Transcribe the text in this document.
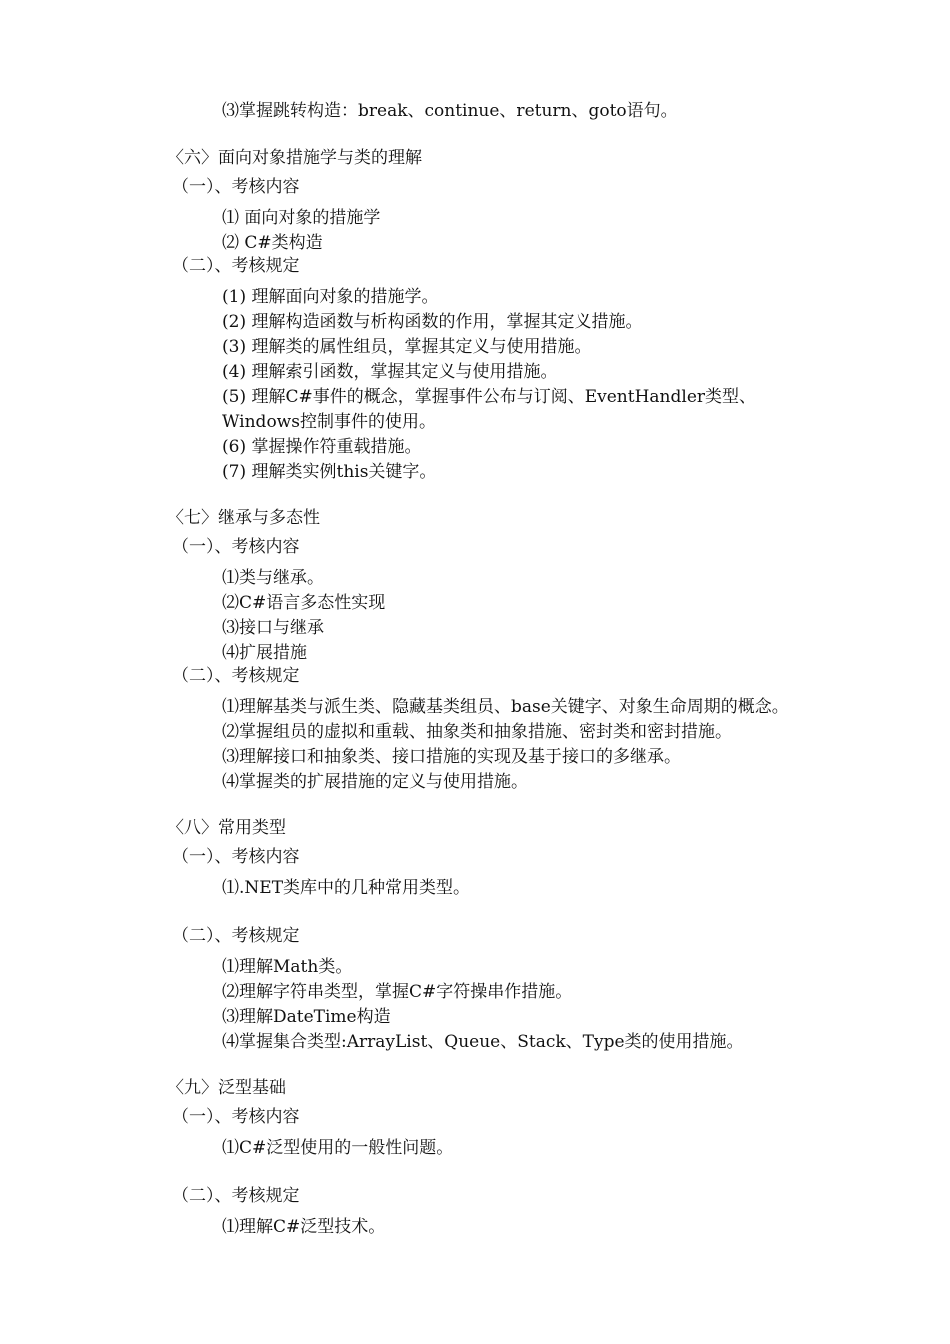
⑶掌握跳转构造：break、continue、return、goto语句。
〈六〉面向对象措施学与类的理解
（一）、考核内容
⑴ 面向对象的措施学
⑵ C#类构造
（二）、考核规定
(1) 理解面向对象的措施学。
(2) 理解构造函数与析构函数的作用，掌握其定义措施。
(3) 理解类的属性组员，掌握其定义与使用措施。
(4) 理解索引函数，掌握其定义与使用措施。
(5) 理解C#事件的概念，掌握事件公布与订阅、EventHandler类型、
Windows控制事件的使用。
(6) 掌握操作符重载措施。
(7) 理解类实例this关键字。
〈七〉继承与多态性
（一）、考核内容
⑴类与继承。
⑵C#语言多态性实现
⑶接口与继承
⑷扩展措施
（二）、考核规定
⑴理解基类与派生类、隐藏基类组员、base关键字、对象生命周期的概念。
⑵掌握组员的虚拟和重载、抽象类和抽象措施、密封类和密封措施。
⑶理解接口和抽象类、接口措施的实现及基于接口的多继承。
⑷掌握类的扩展措施的定义与使用措施。
〈八〉常用类型
（一）、考核内容
⑴.NET类库中的几种常用类型。
（二）、考核规定
⑴理解Math类。
⑵理解字符串类型，掌握C#字符操串作措施。
⑶理解DateTime构造
⑷掌握集合类型:ArrayList、Queue、Stack、Type类的使用措施。
〈九〉泛型基础
（一）、考核内容
⑴C#泛型使用的一般性问题。
（二）、考核规定
⑴理解C#泛型技术。
